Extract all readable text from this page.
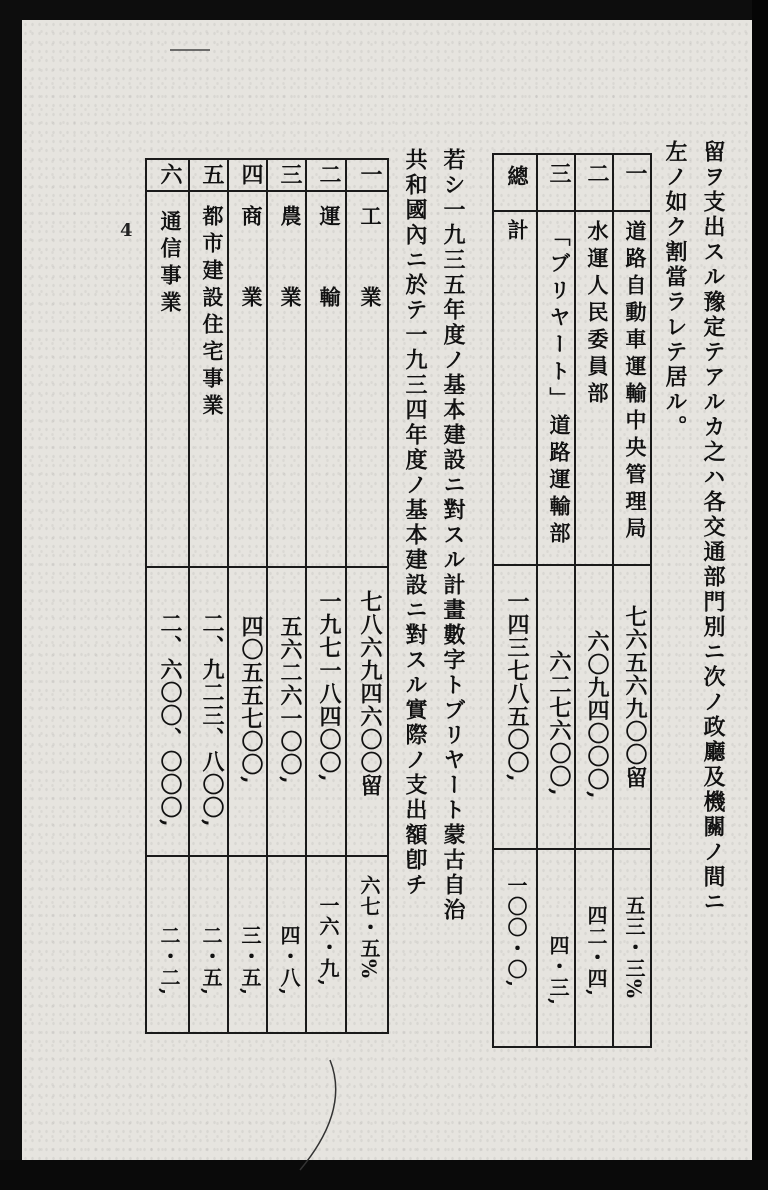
留ヲ支出スル豫定テアルカ之ハ各交通部門別ニ次ノ政廳及機關ノ間ニ
左ノ如ク割當ラレテ居ル。
一
道路自動車運輸中央管理局
七六五六九〇〇留
五三・三%
二
水運人民委員部
六〇九四〇〇〇,
四二・四,
三
「ブリヤート」道路運輸部
六二七六〇〇,
四・三,
總　計
一四三七八五〇〇,
一〇〇・〇,
若シ一九三五年度ノ基本建設ニ對スル計畫數字トブリヤート蒙古自治
共和國內ニ於テ一九三四年度ノ基本建設ニ對スル實際ノ支出額卽チ
一
工　　業
七八六九四六〇〇留
六七・五%
二
運　　輸
一九七一八四〇〇,
一六・九,
三
農　　業
五六二六一〇〇,
四・八,
四
商　　業
四〇五五七〇〇,
三・五,
五
都市建設住宅事業
二、九二三、八〇〇,
二・五,
六
通信事業
二、六〇〇、〇〇〇,
二・二,
4
